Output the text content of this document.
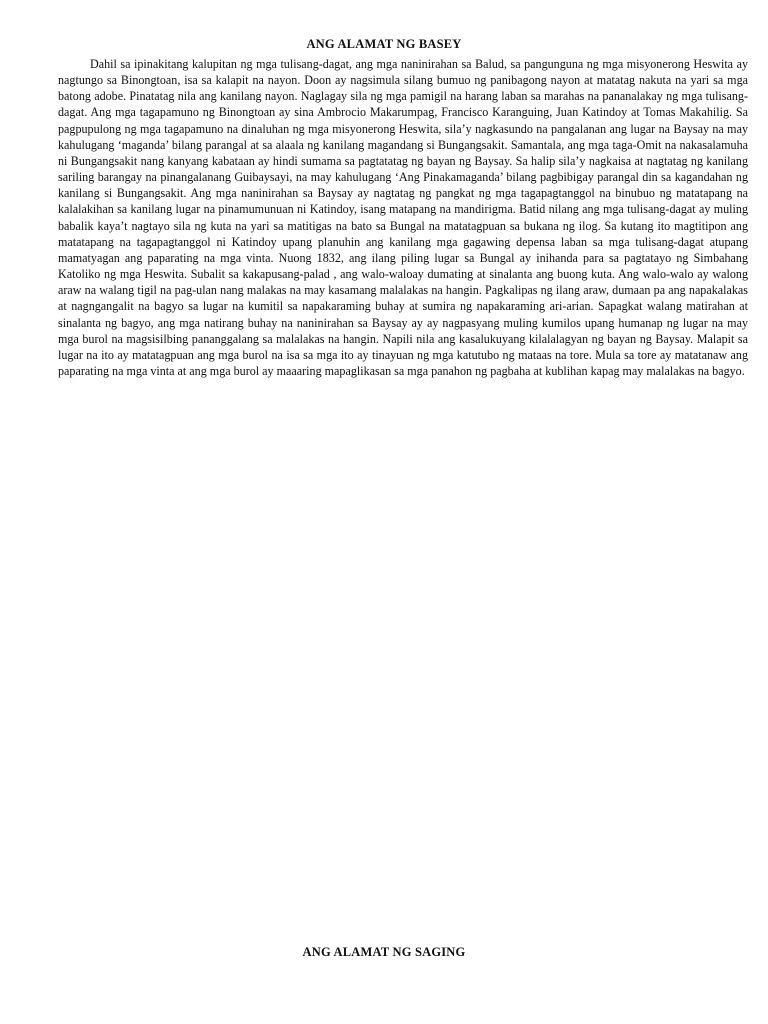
ANG ALAMAT NG BASEY

Dahil sa ipinakitang kalupitan ng mga tulisang-dagat, ang mga naninirahan sa Balud, sa pangunguna ng mga misyonerong Heswita ay nagtungo sa Binongtoan, isa sa kalapit na nayon. Doon ay nagsimula silang bumuo ng panibagong nayon at matatag nakuta na yari sa mga batong adobe. Pinatatag nila ang kanilang nayon. Naglagay sila ng mga pamigil na harang laban sa marahas na pananalakay ng mga tulisang-dagat. Ang mga tagapamuno ng Binongtoan ay sina Ambrocio Makarumpag, Francisco Karanguing, Juan Katindoy at Tomas Makahilig. Sa pagpupulong ng mga tagapamuno na dinaluhan ng mga misyonerong Heswita, sila’y nagkasundo na pangalanan ang lugar na Baysay na may kahulugang ‘maganda’ bilang parangal at sa alaala ng kanilang magandang si Bungangsakit. Samantala, ang mga taga-Omit na nakasalamuha ni Bungangsakit nang kanyang kabataan ay hindi sumama sa pagtatatag ng bayan ng Baysay. Sa halip sila’y nagkaisa at nagtatag ng kanilang sariling barangay na pinangalanang Guibaysayi, na may kahulugang ‘Ang Pinakamaganda’ bilang pagbibigay parangal din sa kagandahan ng kanilang si Bungangsakit. Ang mga naninirahan sa Baysay ay nagtatag ng pangkat ng mga tagapagtanggol na binubuo ng matatapang na kalalakihan sa kanilang lugar na pinamumunuan ni Katindoy, isang matapang na mandirigma. Batid nilang ang mga tulisang-dagat ay muling babalik kaya’t nagtayo sila ng kuta na yari sa matitigas na bato sa Bungal na matatagpuan sa bukana ng ilog. Sa kutang ito magtitipon ang matatapang na tagapagtanggol ni Katindoy upang planuhin ang kanilang mga gagawing depensa laban sa mga tulisang-dagat atupang mamatyagan ang paparating na mga vinta. Nuong 1832, ang ilang piling lugar sa Bungal ay inihanda para sa pagtatayo ng Simbahang Katoliko ng mga Heswita. Subalit sa kakapusang-palad , ang walo-waloay dumating at sinalanta ang buong kuta. Ang walo-walo ay walong araw na walang tigil na pag-ulan nang malakas na may kasamang malalakas na hangin. Pagkalipas ng ilang araw, dumaan pa ang napakalakas at nagngangalit na bagyo sa lugar na kumitil sa napakaraming buhay at sumira ng napakaraming ari-arian. Sapagkat walang matirahan at sinalanta ng bagyo, ang mga natirang buhay na naninirahan sa Baysay ay ay nagpasyang muling kumilos upang humanap ng lugar na may mga burol na magsisilbing pananggalang sa malalakas na hangin. Napili nila ang kasalukuyang kilalalagyan ng bayan ng Baysay. Malapit sa lugar na ito ay matatagpuan ang mga burol na isa sa mga ito ay tinayuan ng mga katutubo ng mataas na tore. Mula sa tore ay matatanaw ang paparating na mga vinta at ang mga burol ay maaaring mapaglikasan sa mga panahon ng pagbaha at kublihan kapag may malalakas na bagyo.

ANG ALAMAT NG SAGING
